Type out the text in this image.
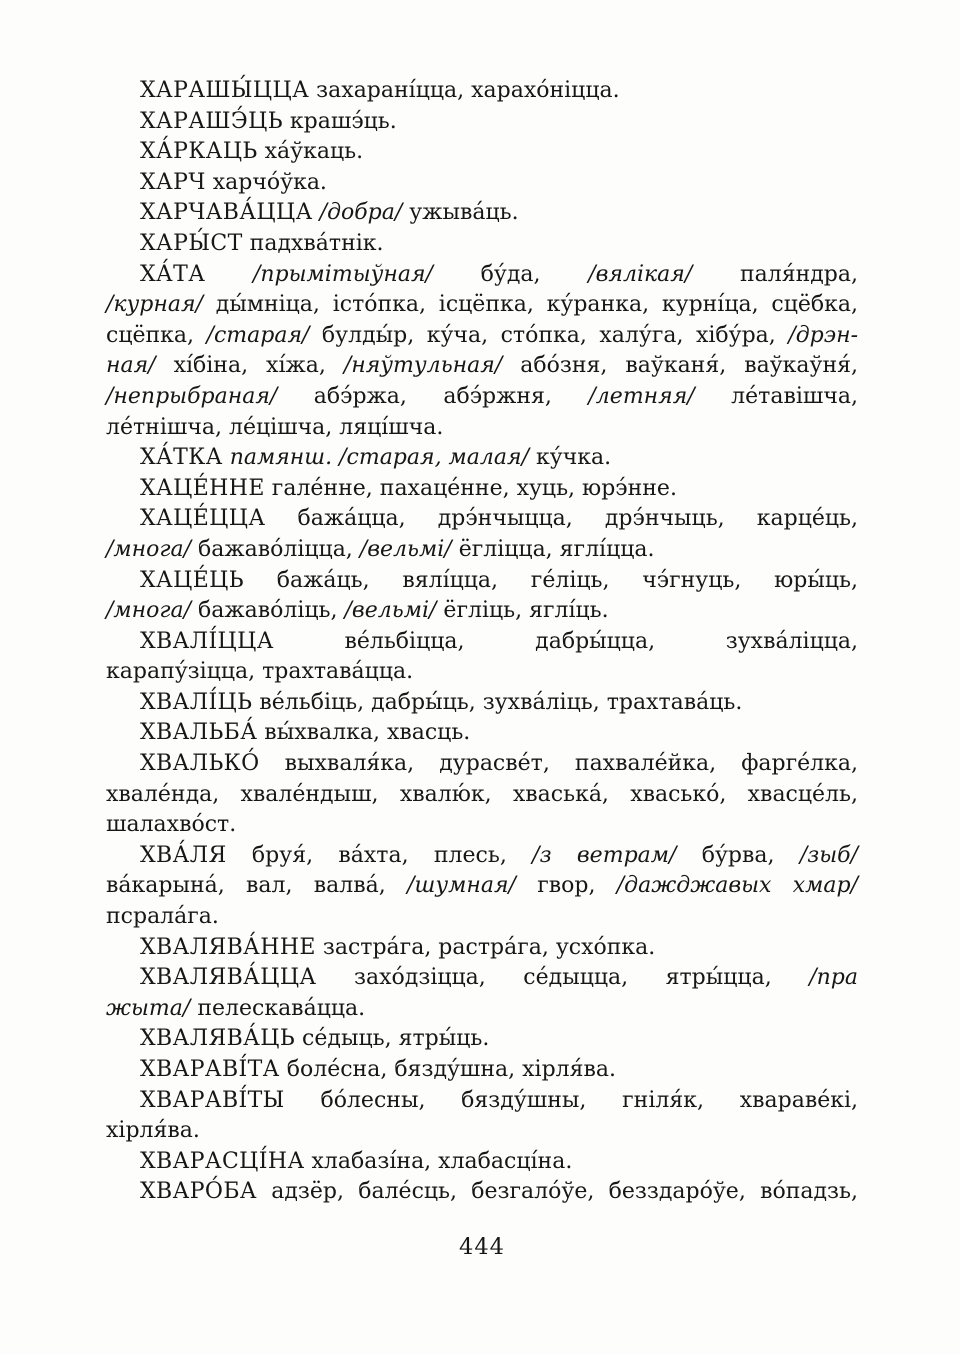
ХАРАШЫ́ЦЦА захарані́цца, харахо́ніцца.
ХАРАШЭ́ЦЬ крашэ́ць.
ХА́РКАЦЬ ха́ўкаць.
ХАРЧ харчо́ўка.
ХАРЧАВА́ЦЦА /добра/ ужыва́ць.
ХАРЫ́СТ падхва́тнік.
ХА́ТА /прымітыўная/ бу́да, /вялікая/ паля́ндра,
/курная/ ды́мніца, істо́пка, ісцёпка, ку́ранка, курні́ца, сцёбка,
сцёпка, /старая/ булды́р, ку́ча, сто́пка, халу́га, хібу́ра, /дрэн-
ная/ хі́біна, хі́жа, /няўтульная/ або́зня, ваўканя́, ваўкаўня́,
/непрыбраная/ абэ́ржа, абэ́ржня, /летняя/ ле́тавішча,
ле́тнішча, ле́цішча, ляці́шча.
ХА́ТКА памянш. /старая, малая/ ку́чка.
ХАЦЕ́ННЕ гале́нне, пахаце́нне, хуць, юрэ́нне.
ХАЦЕ́ЦЦА бажа́цца, дрэ́нчыцца, дрэ́нчыць, карце́ць,
/многа/ бажаво́ліцца, /вельмі/ ёгліцца, яглі́цца.
ХАЦЕ́ЦЬ бажа́ць, вялі́цца, ге́ліць, чэ́гнуць, юры́ць,
/многа/ бажаво́ліць, /вельмі/ ёгліць, яглі́ць.
ХВАЛІ́ЦЦА ве́льбіцца, дабры́цца, зухва́ліцца,
карапу́зіцца, трахтава́цца.
ХВАЛІ́ЦЬ ве́льбіць, дабры́ць, зухва́ліць, трахтава́ць.
ХВАЛЬБА́ вы́хвалка, хвасць.
ХВАЛЬКО́ выхваля́ка, дурасве́т, пахвале́йка, фарге́лка,
хвале́нда, хвале́ндыш, хвалю́к, хваська́, хвасько́, хвасце́ль,
шалахво́ст.
ХВА́ЛЯ бруя́, ва́хта, плесь, /з ветрам/ бу́рва, /зыб/
ва́карына́, вал, валва́, /шумная/ гвор, /дажджавых хмар/
псрала́га.
ХВАЛЯВА́ННЕ застра́га, растра́га, усхо́пка.
ХВАЛЯВА́ЦЦА захо́дзіцца, се́дыцца, ятры́цца, /пра
жыта/ пелескава́цца.
ХВАЛЯВА́ЦЬ се́дыць, ятры́ць.
ХВАРАВІ́ТА боле́сна, бязду́шна, хірля́ва.
ХВАРАВІ́ТЫ бо́лесны, бязду́шны, гніля́к, хвараве́кі,
хірля́ва.
ХВАРАСЦІ́НА хлабазі́на, хлабасці́на.
ХВАРО́БА адзёр, бале́сць, безгало́ўе, безздаро́ўе, во́падзь,
444
